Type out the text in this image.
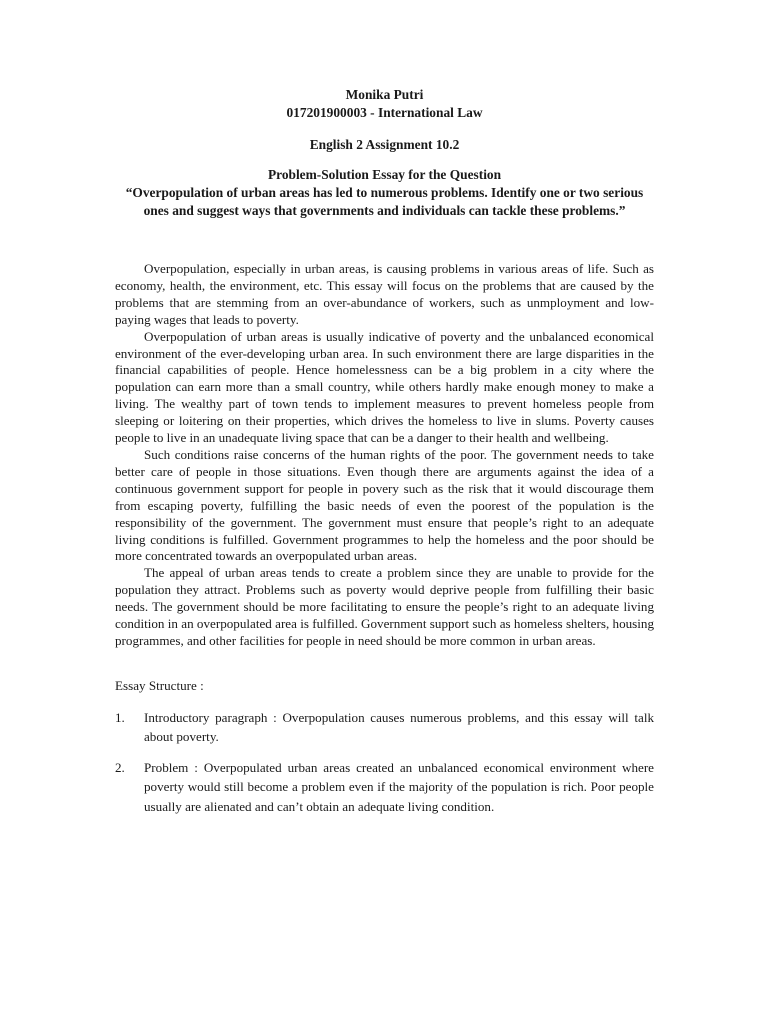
Monika Putri

017201900003 - International Law

English 2 Assignment 10.2

Problem-Solution Essay for the Question

“Overpopulation of urban areas has led to numerous problems. Identify one or two serious ones and suggest ways that governments and individuals can tackle these problems.”

Overpopulation, especially in urban areas, is causing problems in various areas of life. Such as economy, health, the environment, etc. This essay will focus on the problems that are caused by the problems that are stemming from an over-abundance of workers, such as unmployment and low-paying wages that leads to poverty.

Overpopulation of urban areas is usually indicative of poverty and the unbalanced economical environment of the ever-developing urban area. In such environment there are large disparities in the financial capabilities of people. Hence homelessness can be a big problem in a city where the population can earn more than a small country, while others hardly make enough money to make a living. The wealthy part of town tends to implement measures to prevent homeless people from sleeping or loitering on their properties, which drives the homeless to live in slums. Poverty causes people to live in an unadequate living space that can be a danger to their health and wellbeing.

Such conditions raise concerns of the human rights of the poor. The government needs to take better care of people in those situations. Even though there are arguments against the idea of a continuous government support for people in povery such as the risk that it would discourage them from escaping poverty, fulfilling the basic needs of even the poorest of the population is the responsibility of the government. The government must ensure that people’s right to an adequate living conditions is fulfilled. Government programmes to help the homeless and the poor should be more concentrated towards an overpopulated urban areas.

The appeal of urban areas tends to create a problem since they are unable to provide for the population they attract. Problems such as poverty would deprive people from fulfilling their basic needs. The government should be more facilitating to ensure the people’s right to an adequate living condition in an overpopulated area is fulfilled. Government support such as homeless shelters, housing programmes, and other facilities for people in need should be more common in urban areas.

Essay Structure :

1. Introductory paragraph : Overpopulation causes numerous problems, and this essay will talk about poverty.
2. Problem : Overpopulated urban areas created an unbalanced economical environment where poverty would still become a problem even if the majority of the population is rich. Poor people usually are alienated and can’t obtain an adequate living condition.
